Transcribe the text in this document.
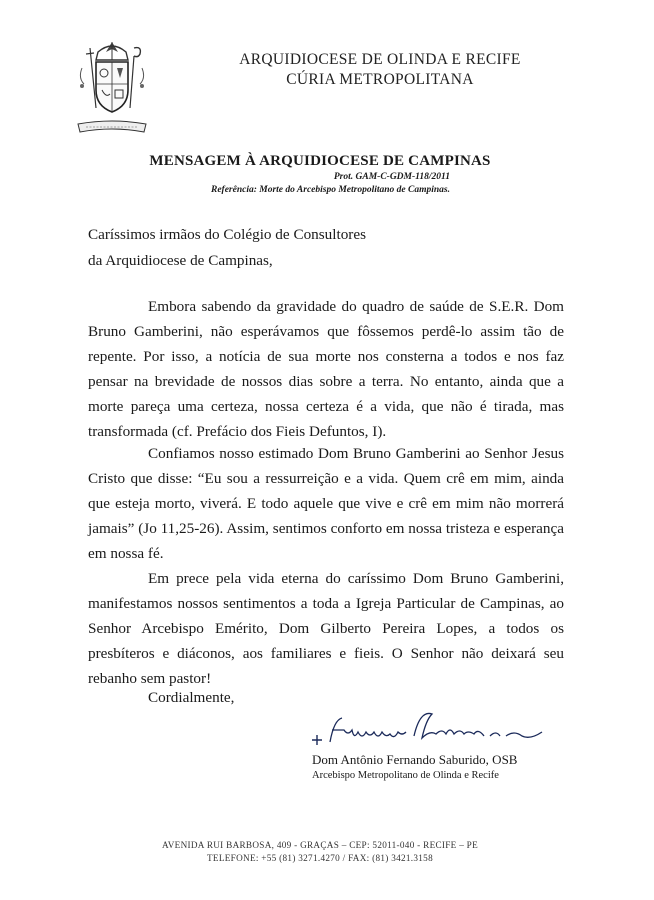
ARQUIDIOCESE DE OLINDA E RECIFE
CÚRIA METROPOLITANA
MENSAGEM À ARQUIDIOCESE DE CAMPINAS
Prot. GAM-C-GDM-118/2011
Referência: Morte do Arcebispo Metropolitano de Campinas.
Caríssimos irmãos do Colégio de Consultores
da Arquidiocese de Campinas,
Embora sabendo da gravidade do quadro de saúde de S.E.R. Dom Bruno Gamberini, não esperávamos que fôssemos perdê-lo assim tão de repente. Por isso, a notícia de sua morte nos consterna a todos e nos faz pensar na brevidade de nossos dias sobre a terra. No entanto, ainda que a morte pareça uma certeza, nossa certeza é a vida, que não é tirada, mas transformada (cf. Prefácio dos Fieis Defuntos, I).
Confiamos nosso estimado Dom Bruno Gamberini ao Senhor Jesus Cristo que disse: “Eu sou a ressurreição e a vida. Quem crê em mim, ainda que esteja morto, viverá. E todo aquele que vive e crê em mim não morrerá jamais” (Jo 11,25-26). Assim, sentimos conforto em nossa tristeza e esperança em nossa fé.
Em prece pela vida eterna do caríssimo Dom Bruno Gamberini, manifestamos nossos sentimentos a toda a Igreja Particular de Campinas, ao Senhor Arcebispo Emérito, Dom Gilberto Pereira Lopes, a todos os presbíteros e diáconos, aos familiares e fieis. O Senhor não deixará seu rebanho sem pastor!
Cordialmente,
Dom Antônio Fernando Saburido, OSB
Arcebispo Metropolitano de Olinda e Recife
AVENIDA RUI BARBOSA, 409 - GRAÇAS – CEP: 52011-040 - RECIFE – PE
TELEFONE: +55 (81) 3271.4270 / FAX: (81) 3421.3158
